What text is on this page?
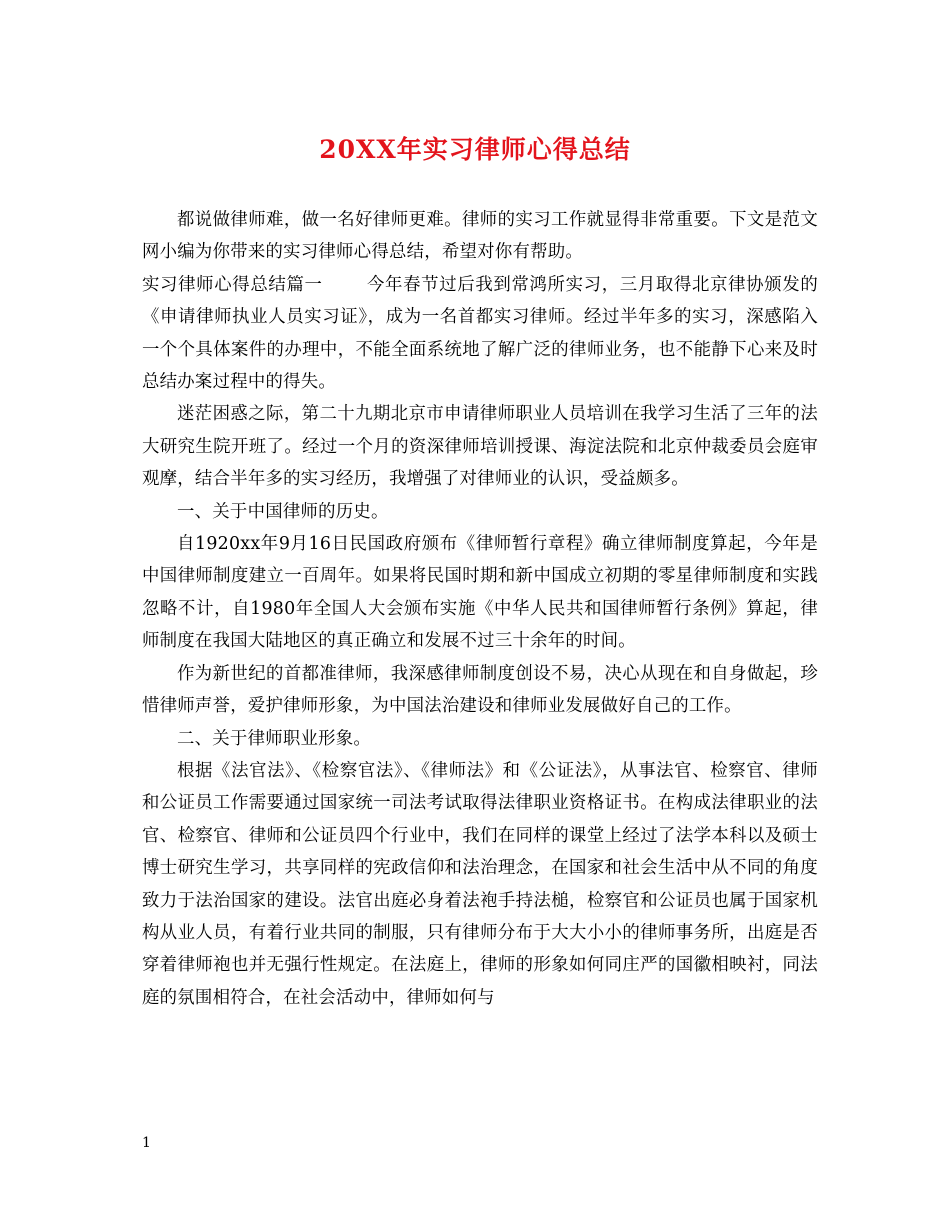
20XX年实习律师心得总结

都说做律师难，做一名好律师更难。律师的实习工作就显得非常重要。下文是范文网小编为你带来的实习律师心得总结，希望对你有帮助。

实习律师心得总结篇一	今年春节过后我到常鸿所实习，三月取得北京律协颁发的《申请律师执业人员实习证》，成为一名首都实习律师。经过半年多的实习，深感陷入一个个具体案件的办理中，不能全面系统地了解广泛的律师业务，也不能静下心来及时总结办案过程中的得失。

迷茫困惑之际，第二十九期北京市申请律师职业人员培训在我学习生活了三年的法大研究生院开班了。经过一个月的资深律师培训授课、海淀法院和北京仲裁委员会庭审观摩，结合半年多的实习经历，我增强了对律师业的认识，受益颇多。

一、关于中国律师的历史。

自1920xx年9月16日民国政府颁布《律师暂行章程》确立律师制度算起，今年是中国律师制度建立一百周年。如果将民国时期和新中国成立初期的零星律师制度和实践忽略不计，自1980年全国人大会颁布实施《中华人民共和国律师暂行条例》算起，律师制度在我国大陆地区的真正确立和发展不过三十余年的时间。

作为新世纪的首都准律师，我深感律师制度创设不易，决心从现在和自身做起，珍惜律师声誉，爱护律师形象，为中国法治建设和律师业发展做好自己的工作。

二、关于律师职业形象。

根据《法官法》、《检察官法》、《律师法》和《公证法》，从事法官、检察官、律师和公证员工作需要通过国家统一司法考试取得法律职业资格证书。在构成法律职业的法官、检察官、律师和公证员四个行业中，我们在同样的课堂上经过了法学本科以及硕士博士研究生学习，共享同样的宪政信仰和法治理念，在国家和社会生活中从不同的角度致力于法治国家的建设。法官出庭必身着法袍手持法槌，检察官和公证员也属于国家机构从业人员，有着行业共同的制服，只有律师分布于大大小小的律师事务所，出庭是否穿着律师袍也并无强行性规定。在法庭上，律师的形象如何同庄严的国徽相映衬，同法庭的氛围相符合，在社会活动中，律师如何与

1
